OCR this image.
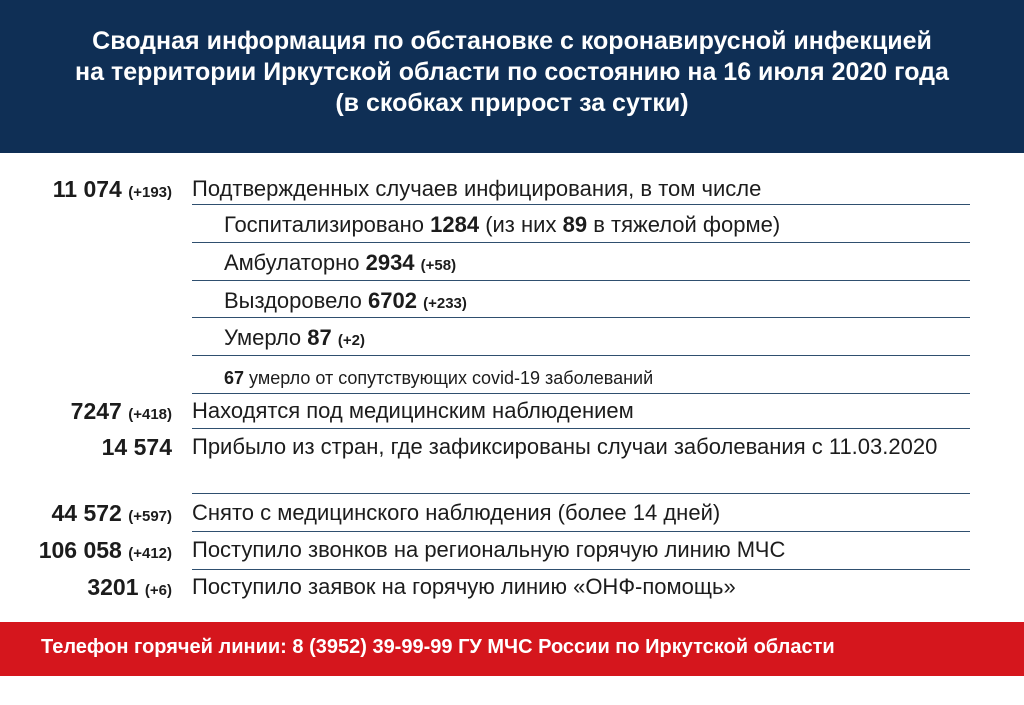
Сводная информация по обстановке с коронавирусной инфекцией
на территории Иркутской области по состоянию на 16 июля 2020 года
(в скобках прирост за сутки)
11 074 (+193) Подтвержденных случаев инфицирования, в том числе
Госпитализировано 1284 (из них 89 в тяжелой форме)
Амбулаторно 2934 (+58)
Выздоровело 6702 (+233)
Умерло 87 (+2)
67 умерло от сопутствующих covid-19 заболеваний
7247 (+418) Находятся под медицинским наблюдением
14 574 Прибыло из стран, где зафиксированы случаи заболевания с 11.03.2020
44 572 (+597) Снято с медицинского наблюдения (более 14 дней)
106 058 (+412) Поступило звонков на региональную горячую линию МЧС
3201 (+6) Поступило заявок на горячую линию «ОНФ-помощь»
Телефон горячей линии: 8 (3952) 39-99-99 ГУ МЧС России по Иркутской области
